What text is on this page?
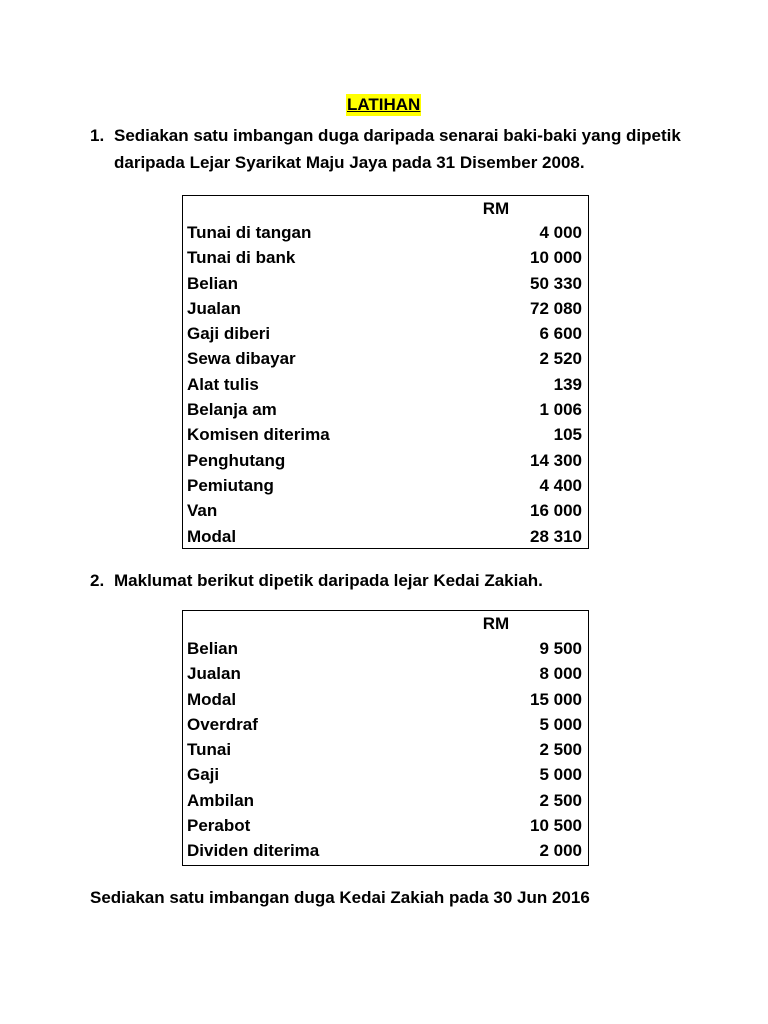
LATIHAN
1. Sediakan satu imbangan duga daripada senarai baki-baki yang dipetik daripada Lejar Syarikat Maju Jaya pada 31 Disember 2008.
RM
Tunai di tangan	4 000
Tunai di bank	10 000
Belian	50 330
Jualan	72 080
Gaji diberi	6 600
Sewa dibayar	2 520
Alat tulis	139
Belanja am	1 006
Komisen diterima	105
Penghutang	14 300
Pemiutang	4 400
Van	16 000
Modal	28 310
2. Maklumat berikut dipetik daripada lejar Kedai Zakiah.
RM
Belian	9 500
Jualan	8 000
Modal	15 000
Overdraf	5 000
Tunai	2 500
Gaji	5 000
Ambilan	2 500
Perabot	10 500
Dividen diterima	2 000
Sediakan satu imbangan duga Kedai Zakiah pada 30 Jun 2016
